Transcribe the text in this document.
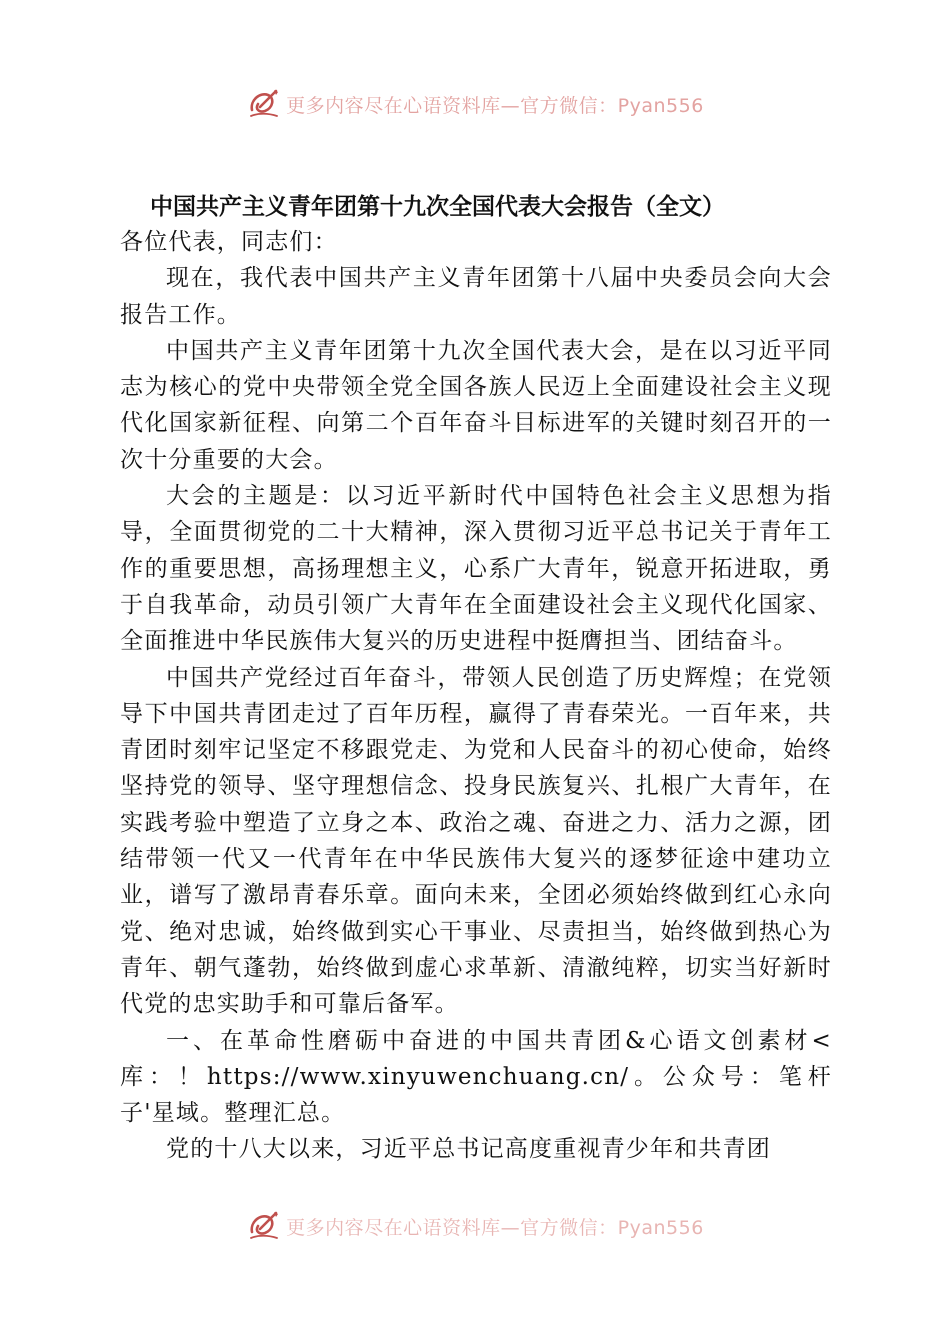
更多内容尽在心语资料库—官方微信：Pyan556
中国共产主义青年团第十九次全国代表大会报告（全文）

各位代表，同志们：

现在，我代表中国共产主义青年团第十八届中央委员会向大会报告工作。

中国共产主义青年团第十九次全国代表大会，是在以习近平同志为核心的党中央带领全党全国各族人民迈上全面建设社会主义现代化国家新征程、向第二个百年奋斗目标进军的关键时刻召开的一次十分重要的大会。

大会的主题是：以习近平新时代中国特色社会主义思想为指导，全面贯彻党的二十大精神，深入贯彻习近平总书记关于青年工作的重要思想，高扬理想主义，心系广大青年，锐意开拓进取，勇于自我革命，动员引领广大青年在全面建设社会主义现代化国家、全面推进中华民族伟大复兴的历史进程中挺膺担当、团结奋斗。

中国共产党经过百年奋斗，带领人民创造了历史辉煌；在党领导下中国共青团走过了百年历程，赢得了青春荣光。一百年来，共青团时刻牢记坚定不移跟党走、为党和人民奋斗的初心使命，始终坚持党的领导、坚守理想信念、投身民族复兴、扎根广大青年，在实践考验中塑造了立身之本、政治之魂、奋进之力、活力之源，团结带领一代又一代青年在中华民族伟大复兴的逐梦征途中建功立业，谱写了激昂青春乐章。面向未来，全团必须始终做到红心永向党、绝对忠诚，始终做到实心干事业、尽责担当，始终做到热心为青年、朝气蓬勃，始终做到虚心求革新、清澈纯粹，切实当好新时代党的忠实助手和可靠后备军。

一、在革命性磨砺中奋进的中国共青团&心语文创素材<库：！https://www.xinyuwenchuang.cn/。公众号：笔杆子'星域。整理汇总。

党的十八大以来，习近平总书记高度重视青少年和共青团

更多内容尽在心语资料库—官方微信：Pyan556
